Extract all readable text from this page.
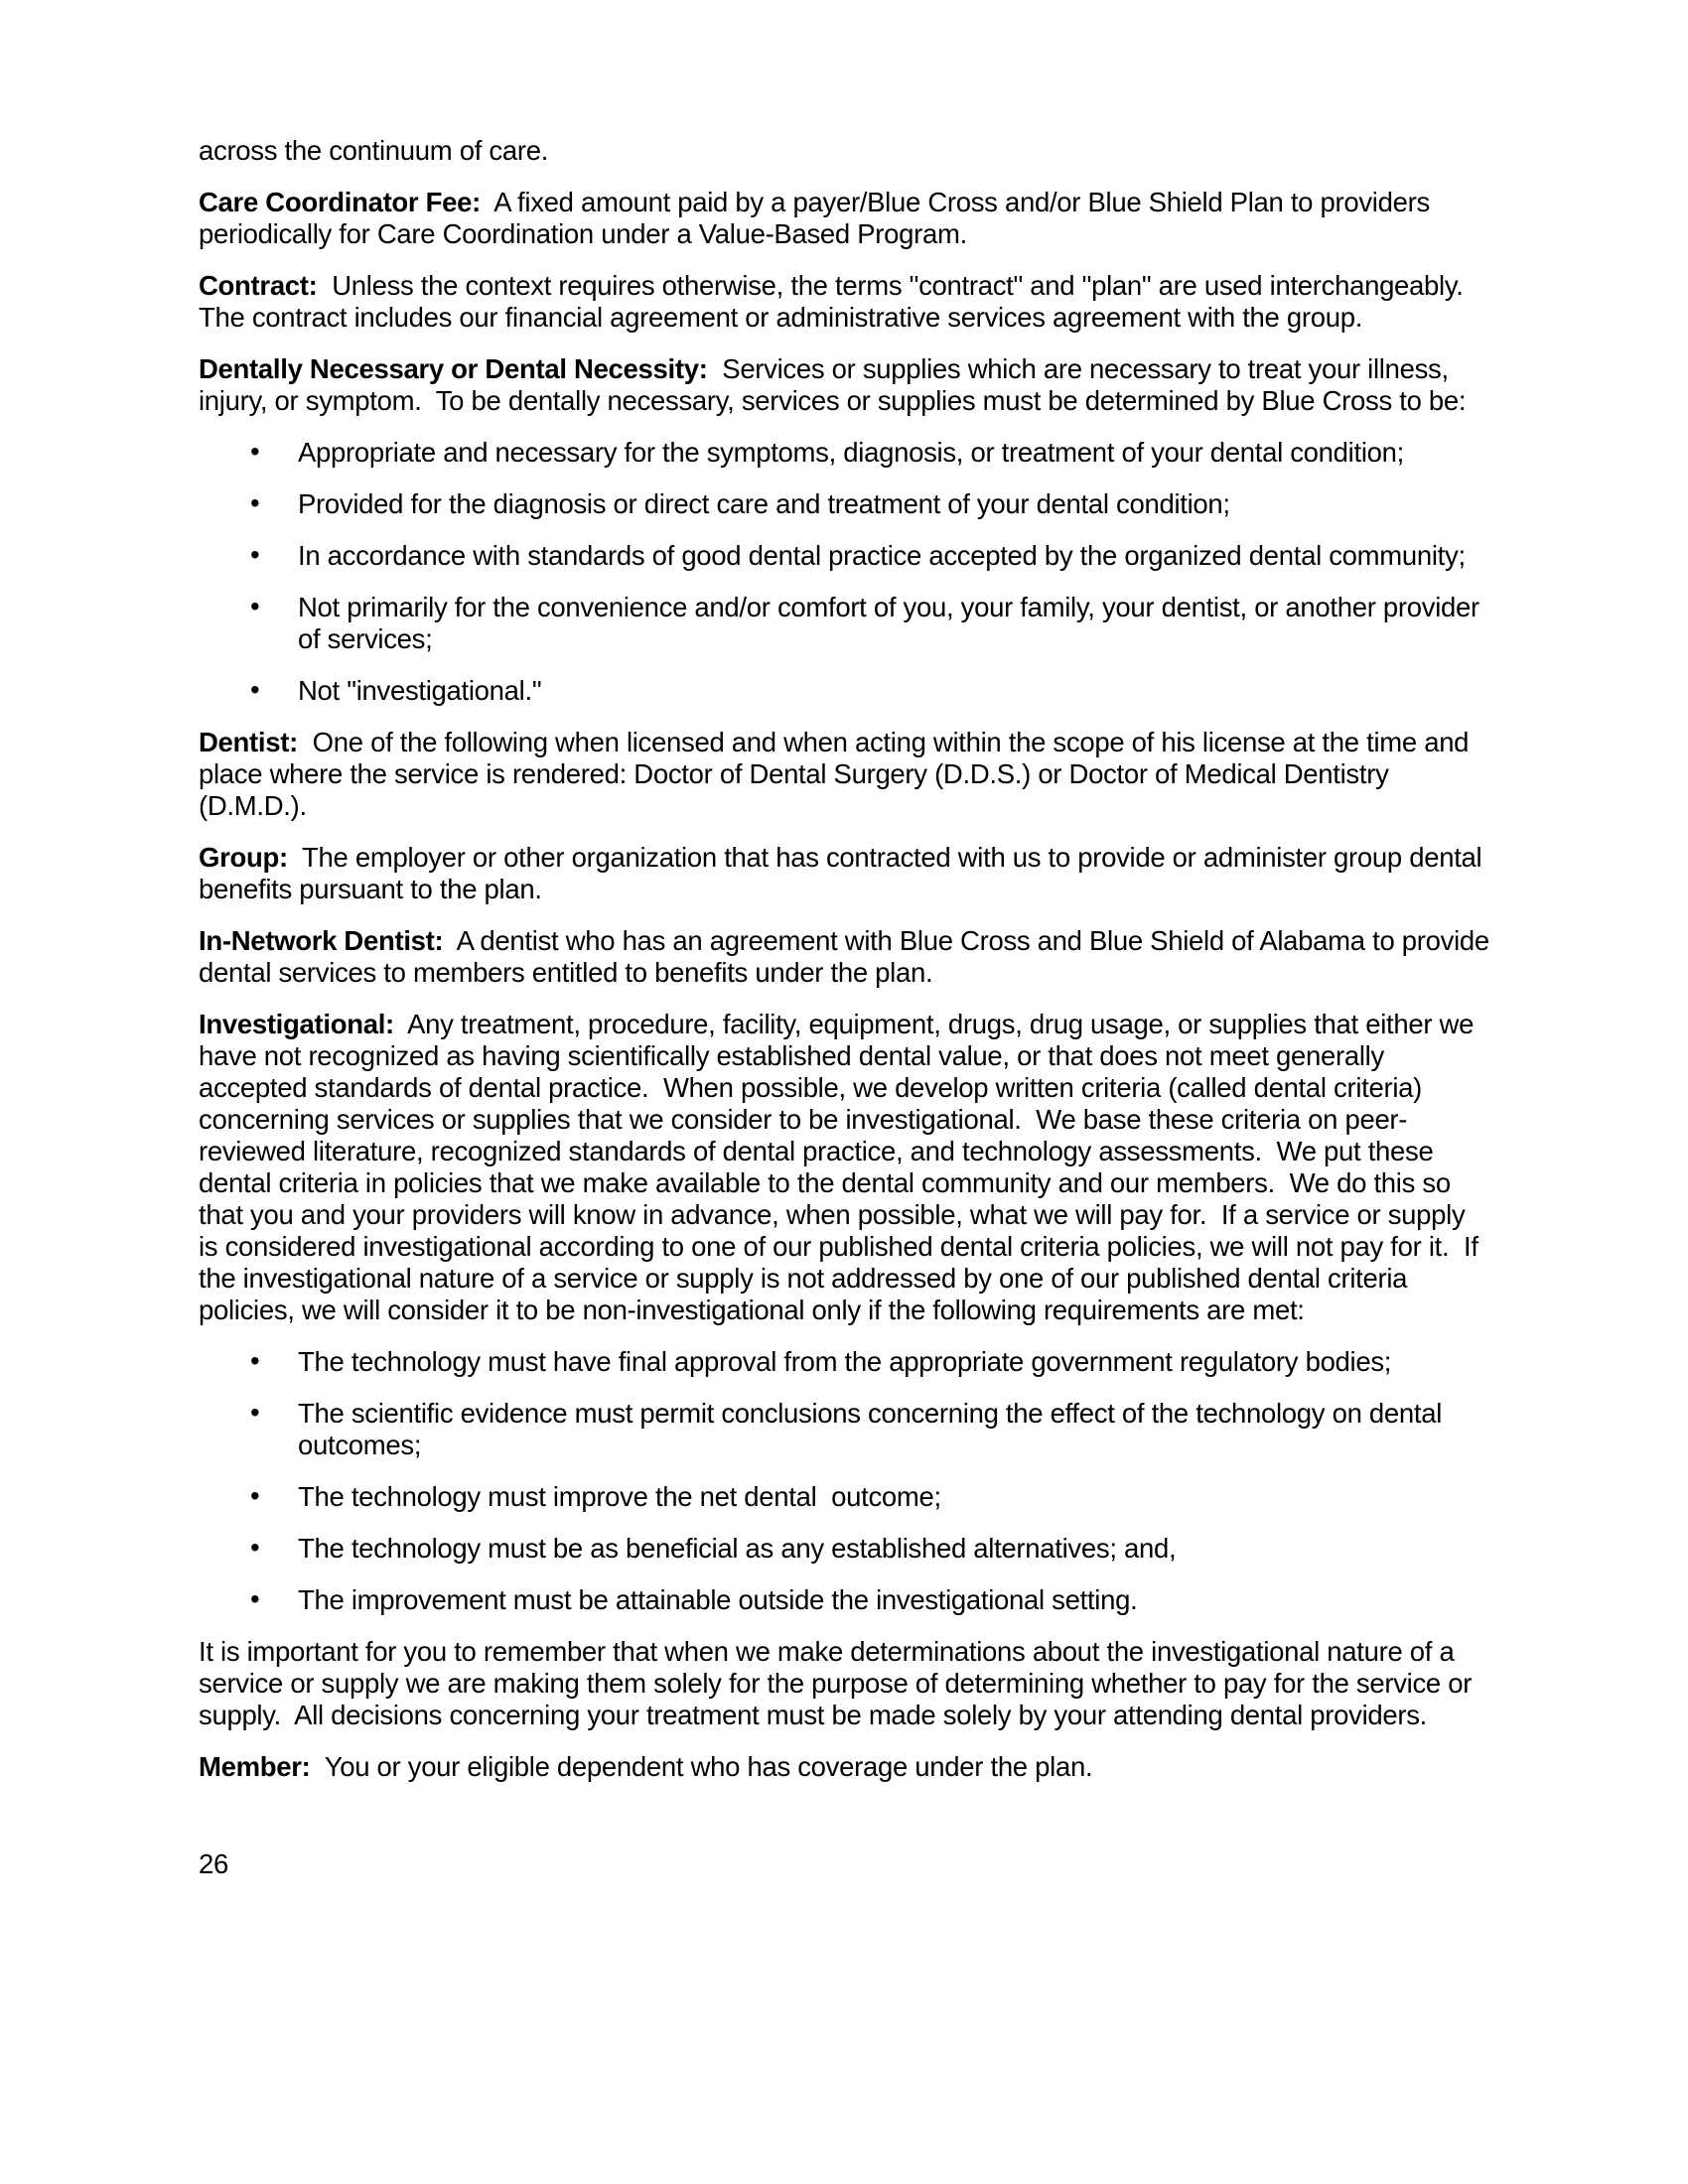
across the continuum of care.

Care Coordinator Fee:  A fixed amount paid by a payer/Blue Cross and/or Blue Shield Plan to providers periodically for Care Coordination under a Value-Based Program.

Contract:  Unless the context requires otherwise, the terms "contract" and "plan" are used interchangeably.  The contract includes our financial agreement or administrative services agreement with the group.

Dentally Necessary or Dental Necessity:  Services or supplies which are necessary to treat your illness, injury, or symptom.  To be dentally necessary, services or supplies must be determined by Blue Cross to be:

• Appropriate and necessary for the symptoms, diagnosis, or treatment of your dental condition;
• Provided for the diagnosis or direct care and treatment of your dental condition;
• In accordance with standards of good dental practice accepted by the organized dental community;
• Not primarily for the convenience and/or comfort of you, your family, your dentist, or another provider of services;
• Not "investigational."

Dentist:  One of the following when licensed and when acting within the scope of his license at the time and place where the service is rendered: Doctor of Dental Surgery (D.D.S.) or Doctor of Medical Dentistry (D.M.D.).

Group:  The employer or other organization that has contracted with us to provide or administer group dental benefits pursuant to the plan.

In-Network Dentist:  A dentist who has an agreement with Blue Cross and Blue Shield of Alabama to provide dental services to members entitled to benefits under the plan.

Investigational:  Any treatment, procedure, facility, equipment, drugs, drug usage, or supplies that either we have not recognized as having scientifically established dental value, or that does not meet generally accepted standards of dental practice.  When possible, we develop written criteria (called dental criteria) concerning services or supplies that we consider to be investigational.  We base these criteria on peer-reviewed literature, recognized standards of dental practice, and technology assessments.  We put these dental criteria in policies that we make available to the dental community and our members.  We do this so that you and your providers will know in advance, when possible, what we will pay for.  If a service or supply is considered investigational according to one of our published dental criteria policies, we will not pay for it.  If the investigational nature of a service or supply is not addressed by one of our published dental criteria policies, we will consider it to be non-investigational only if the following requirements are met:

• The technology must have final approval from the appropriate government regulatory bodies;
• The scientific evidence must permit conclusions concerning the effect of the technology on dental outcomes;
• The technology must improve the net dental  outcome;
• The technology must be as beneficial as any established alternatives; and,
• The improvement must be attainable outside the investigational setting.

It is important for you to remember that when we make determinations about the investigational nature of a service or supply we are making them solely for the purpose of determining whether to pay for the service or supply.  All decisions concerning your treatment must be made solely by your attending dental providers.

Member:  You or your eligible dependent who has coverage under the plan.

26
